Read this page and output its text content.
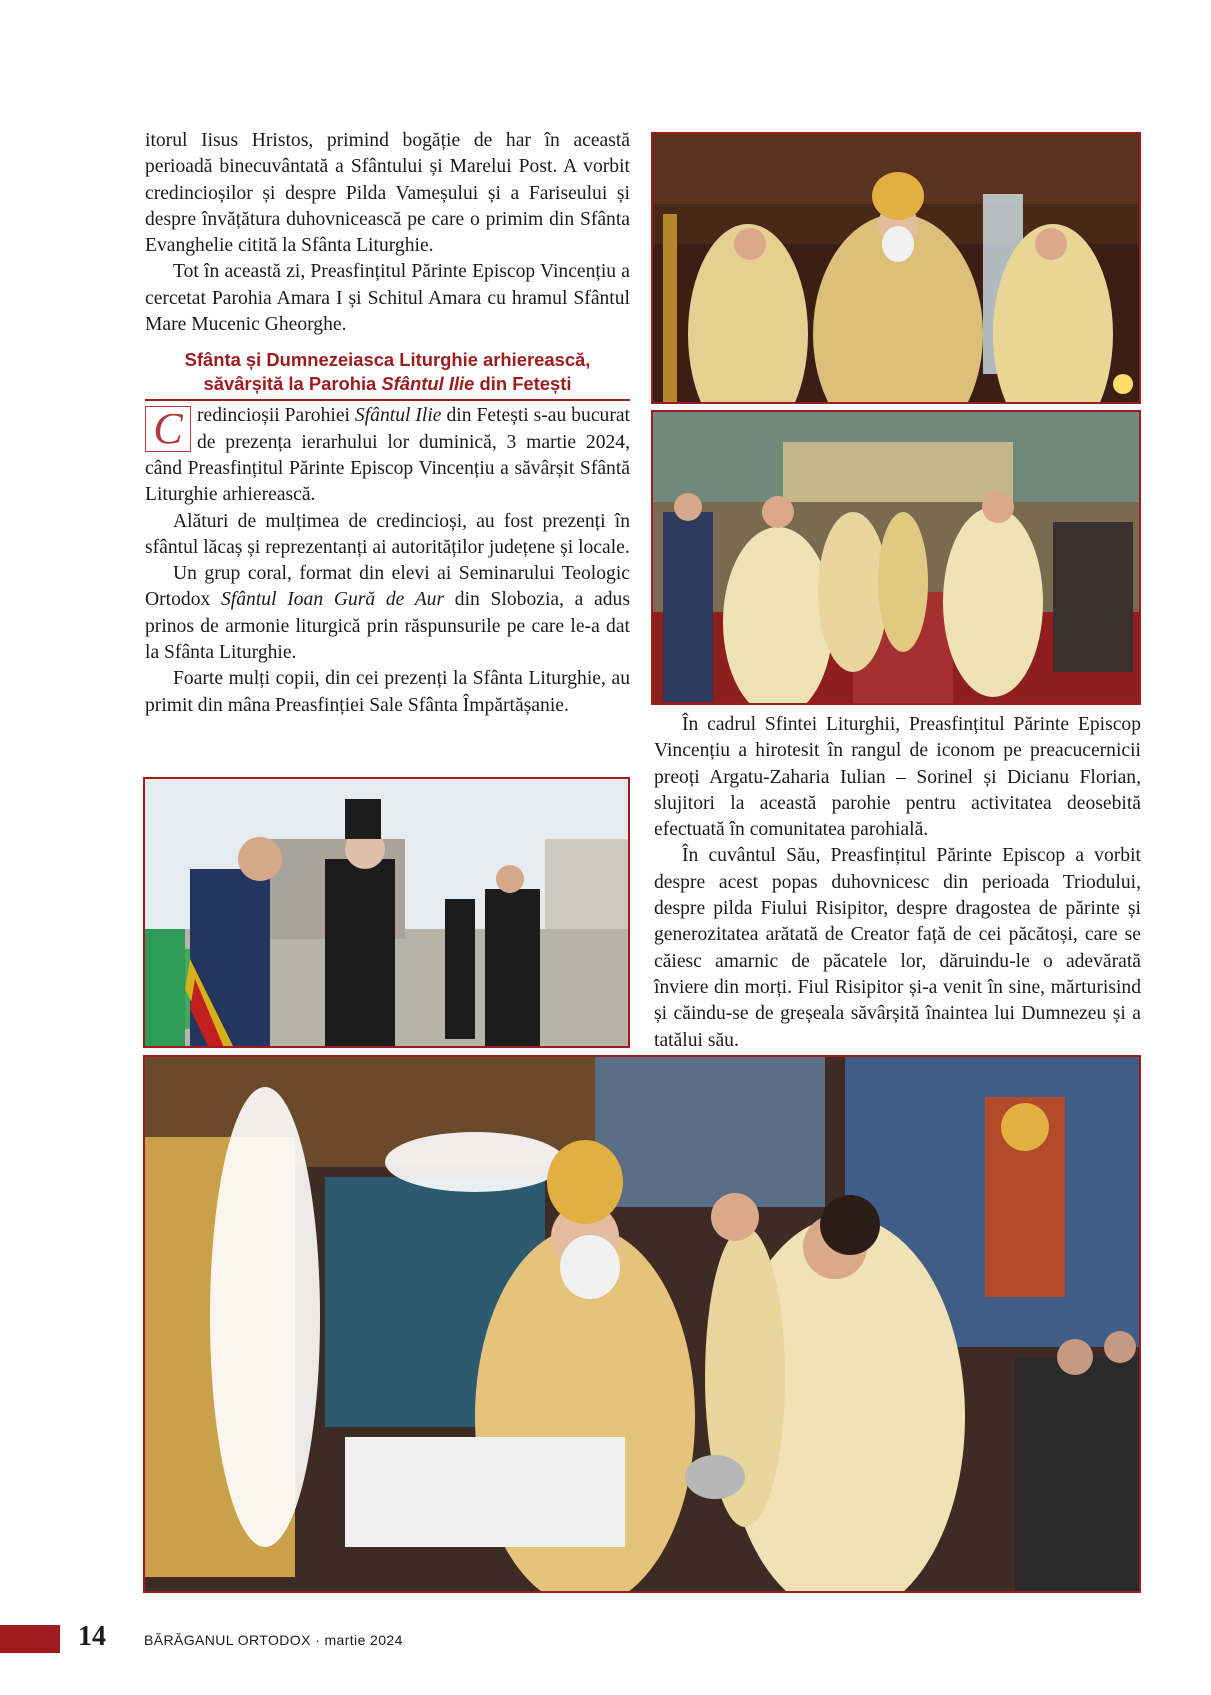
itorul Iisus Hristos, primind bogăție de har în această perioadă binecuvântată a Sfântului și Marelui Post. A vorbit credincioșilor și despre Pilda Vameșului și a Fariseului și despre învățătura duhovnicească pe care o primim din Sfânta Evanghelie citită la Sfânta Liturghie.

Tot în această zi, Preasfințitul Părinte Episcop Vincențiu a cercetat Parohia Amara I și Schitul Amara cu hramul Sfântul Mare Mucenic Gheorghe.

Sfânta și Dumnezeiasca Liturghie arhierească, săvârșită la Parohia Sfântul Ilie din Fetești

C redincioșii Parohiei Sfântul Ilie din Fetești s-au bucurat de prezența ierarhului lor duminică, 3 martie 2024, când Preasfințitul Părinte Episcop Vincențiu a săvârșit Sfântă Liturghie arhierească.

Alături de mulțimea de credincioși, au fost prezenți în sfântul lăcaș și reprezentanți ai autorităților județene și locale.

Un grup coral, format din elevi ai Seminarului Teologic Ortodox Sfântul Ioan Gură de Aur din Slobozia, a adus prinos de armonie liturgică prin răspunsurile pe care le-a dat la Sfânta Liturghie.

Foarte mulți copii, din cei prezenți la Sfânta Liturghie, au primit din mâna Preasfinției Sale Sfânta Împărtășanie.

În cadrul Sfintei Liturghii, Preasfințitul Părinte Episcop Vincențiu a hirotesit în rangul de iconom pe preacucernicii preoți Argatu-Zaharia Iulian – Sorinel și Dicianu Florian, slujitori la această parohie pentru activitatea deosebită efectuată în comunitatea parohială.

În cuvântul Său, Preasfințitul Părinte Episcop a vorbit despre acest popas duhovnicesc din perioada Triodului, despre pilda Fiului Risipitor, despre dragostea de părinte și generozitatea arătată de Creator față de cei păcătoși, care se căiesc amarnic de păcatele lor, dăruindu-le o adevărată înviere din morți. Fiul Risipitor și-a venit în sine, mărturisind și căindu-se de greșeala săvârșită înaintea lui Dumnezeu și a tatălui său.

14	BĂRĂGANUL ORTODOX · martie 2024
